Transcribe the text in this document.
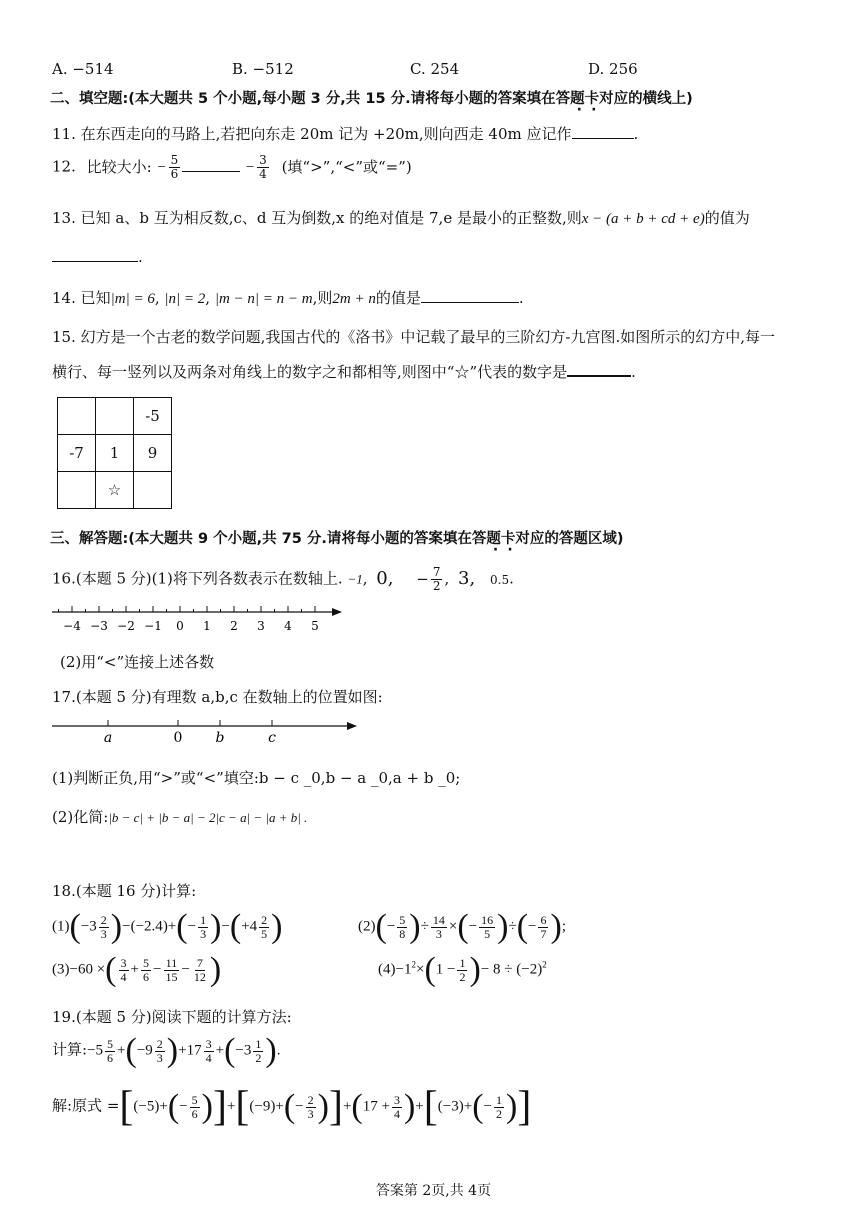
A. −514	B. −512	C. 254	D. 256
二、填空题:(本大题共 5 个小题,每小题 3 分,共 15 分.请将每小题的答案填在答题卡对应的横线上)
11. 在东西走向的马路上,若把向东走 20m 记为 +20m,则向西走 40m 应记作	.
12. 比较大小: − $\frac{5}{6}$	− $\frac{3}{4}$ (填“>”,“<”或“=”)
13. 已知 a、b 互为相反数,c、d 互为倒数,x 的绝对值是 7,e 是最小的正整数,则x − (a + b + cd + e)的值为
.
14. 已知|m| = 6, |n| = 2, |m − n| = n − m,则2m + n的值是	.
15. 幻方是一个古老的数学问题,我国古代的《洛书》中记载了最早的三阶幻方-九宫图.如图所示的幻方中,每一
横行、每一竖列以及两条对角线上的数字之和都相等,则图中“☆”代表的数字是	.
		-5
-7	1	9
	☆	
三、解答题:(本大题共 9 个小题,共 75 分.请将每小题的答案填在答题卡对应的答题区域)
16.(本题 5 分)(1)将下列各数表示在数轴上. −1, 0, − $\frac{7}{2}$ , 3, 0.5.
−4 −3 −2 −1 0 1 2 3 4 5
(2)用“<”连接上述各数
17.(本题 5 分)有理数 a,b,c 在数轴上的位置如图:
a	0 b	c
(1)判断正负,用“>”或“<”填空:b − c _0,b − a _0,a + b _0;
(2)化简:|b − c| + |b − a| − 2|c − a| − |a + b| .
18.(本题 16 分)计算:
$(1)(-3 \frac{2}{3} )-(-2.4)+(- \frac{1}{3} )-(+4 \frac{2}{5}$ )	$(2)(- \frac{5}{8}$ )÷ $\frac{14}{3}$ ×(− $\frac{16}{5}$ )÷(− $\frac{6}{7}$ );
(3)−60 ×( $\frac{3}{4} + \frac{5}{6} - \frac{11}{15} - \frac{7}{12}$ )	$(4)-1^2\times(1 - \frac{1}{2}$ )− $8 \div (-2)^2$
19.(本题 5 分)阅读下题的计算方法:
计算:−5 $\frac{5}{6} +(-9 \frac{2}{3} )+17 \frac{3}{4} +(-3 \frac{1}{2}$ ).
解:原式 $=[(-5)+(- \frac{5}{6} )]+[(-9)+(- \frac{2}{3} )]+(17 + \frac{3}{4} )+[(-3)+(- \frac{1}{2}$ )]
答案第 2页,共 4页
